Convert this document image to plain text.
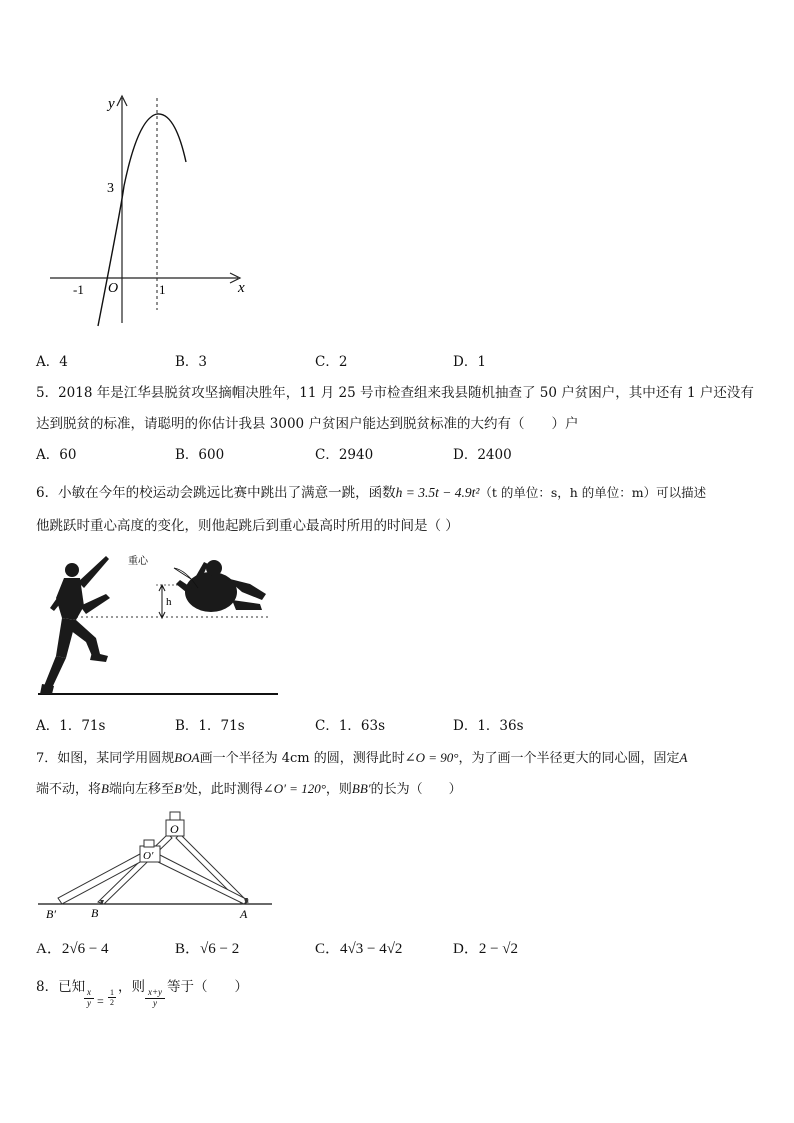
y
x
3
-1 O	1
A．4	B．3	C．2	D．1
5．2018 年是江华县脱贫攻坚摘帽决胜年，11 月 25 号市检查组来我县随机抽查了 50 户贫困户，其中还有 1 户还没有
达到脱贫的标准，请聪明的你估计我县 3000 户贫困户能达到脱贫标准的大约有（　　）户
A．60	B．600	C．2940	D．2400
6．小敏在今年的校运动会跳远比赛中跳出了满意一跳，函数h = 3.5t − 4.9t²（t 的单位：s，h 的单位：m）可以描述
他跳跃时重心高度的变化，则他起跳后到重心最高时所用的时间是（ ）
h
重心
A．1．71s	B．1．71s	C．1．63s	D．1．36s
7．如图，某同学用圆规BOA画一个半径为 4cm 的圆，测得此时∠O = 90°，为了画一个半径更大的同心圆，固定A
端不动，将B端向左移至B′处，此时测得∠O′ = 120°，则BB′的长为（　　）
O
O′
B′	B	A
A．2√6 − 4	B．√6 − 2	C．4√3 − 4√2	D．2 − √2
8．已知
$\frac{x}{y} = \frac{1}{2}$
，则
$\frac{x+y}{y}$
等于（　　）
